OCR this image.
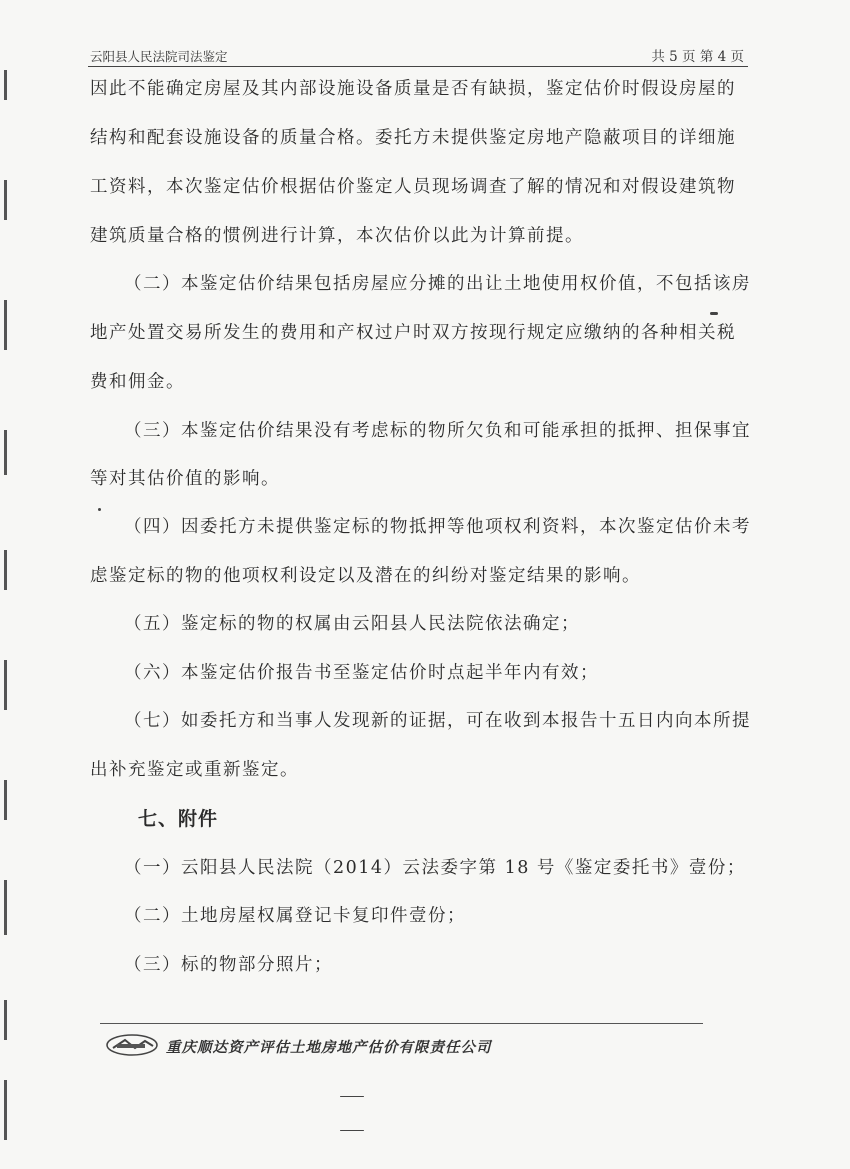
云阳县人民法院司法鉴定	共 5 页 第 4 页
因此不能确定房屋及其内部设施设备质量是否有缺损，鉴定估价时假设房屋的
结构和配套设施设备的质量合格。委托方未提供鉴定房地产隐蔽项目的详细施
工资料，本次鉴定估价根据估价鉴定人员现场调查了解的情况和对假设建筑物
建筑质量合格的惯例进行计算，本次估价以此为计算前提。
（二）本鉴定估价结果包括房屋应分摊的出让土地使用权价值，不包括该房
地产处置交易所发生的费用和产权过户时双方按现行规定应缴纳的各种相关税
费和佣金。
（三）本鉴定估价结果没有考虑标的物所欠负和可能承担的抵押、担保事宜
等对其估价值的影响。
（四）因委托方未提供鉴定标的物抵押等他项权利资料，本次鉴定估价未考
虑鉴定标的物的他项权利设定以及潜在的纠纷对鉴定结果的影响。
（五）鉴定标的物的权属由云阳县人民法院依法确定；
（六）本鉴定估价报告书至鉴定估价时点起半年内有效；
（七）如委托方和当事人发现新的证据，可在收到本报告十五日内向本所提
出补充鉴定或重新鉴定。
七、附件
（一）云阳县人民法院（2014）云法委字第 18 号《鉴定委托书》壹份；
（二）土地房屋权属登记卡复印件壹份；
（三）标的物部分照片；
重庆顺达资产评估土地房地产估价有限责任公司
